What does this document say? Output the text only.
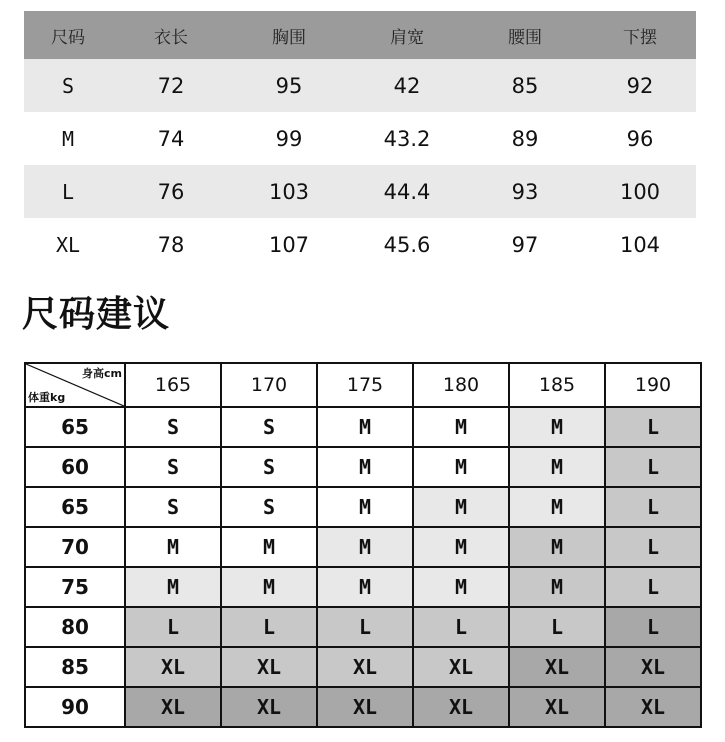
尺码	衣长	胸围	肩宽	腰围	下摆
S	72	95	42	85	92
M	74	99	43.2	89	96
L	76	103	44.4	93	100
XL	78	107	45.6	97	104
尺码建议
身高cm
体重kg	165	170	175	180	185	190
65	S	S	M	M	M	L
60	S	S	M	M	M	L
65	S	S	M	M	M	L
70	M	M	M	M	M	L
75	M	M	M	M	M	L
80	L	L	L	L	L	L
85	XL	XL	XL	XL	XL	XL
90	XL	XL	XL	XL	XL	XL
